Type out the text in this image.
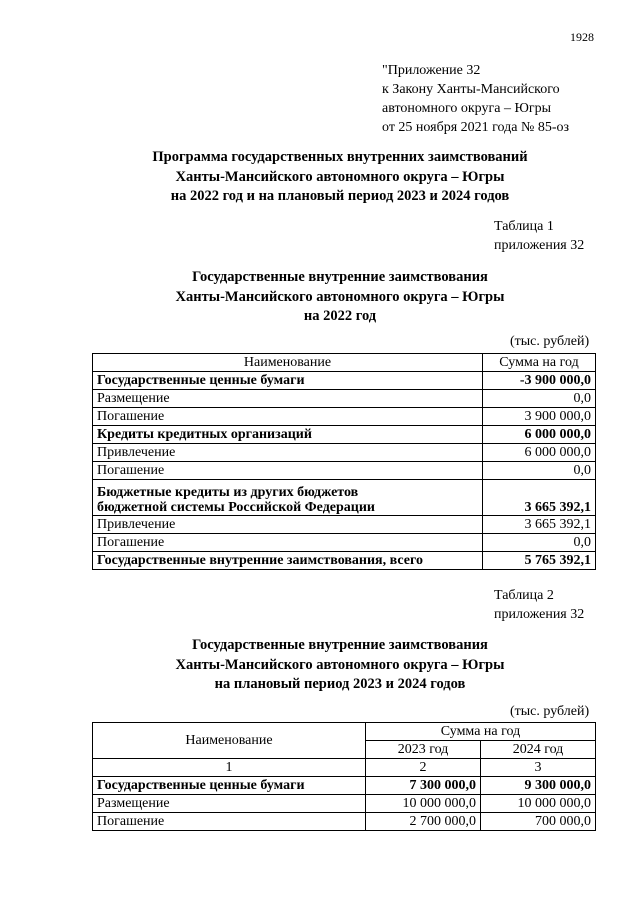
1928
"Приложение 32
к Закону Ханты-Мансийского
автономного округа – Югры
от 25 ноября 2021 года № 85-оз
Программа государственных внутренних заимствований
Ханты-Мансийского автономного округа – Югры
на 2022 год и на плановый период 2023 и 2024 годов
Таблица 1
приложения 32
Государственные внутренние заимствования
Ханты-Мансийского автономного округа – Югры
на 2022 год
(тыс. рублей)
Наименование	Сумма на год
Государственные ценные бумаги	-3 900 000,0
Размещение	0,0
Погашение	3 900 000,0
Кредиты кредитных организаций	6 000 000,0
Привлечение	6 000 000,0
Погашение	0,0

Бюджетные кредиты из других бюджетов
бюджетной системы Российской Федерации	3 665 392,1
Привлечение	3 665 392,1
Погашение	0,0
Государственные внутренние заимствования, всего	5 765 392,1
Таблица 2
приложения 32
Государственные внутренние заимствования
Ханты-Мансийского автономного округа – Югры
на плановый период 2023 и 2024 годов
(тыс. рублей)
Наименование	Сумма на год	
	2023 год	2024 год
1	2	3
Государственные ценные бумаги	7 300 000,0	9 300 000,0
Размещение	10 000 000,0	10 000 000,0
Погашение	2 700 000,0	700 000,0
